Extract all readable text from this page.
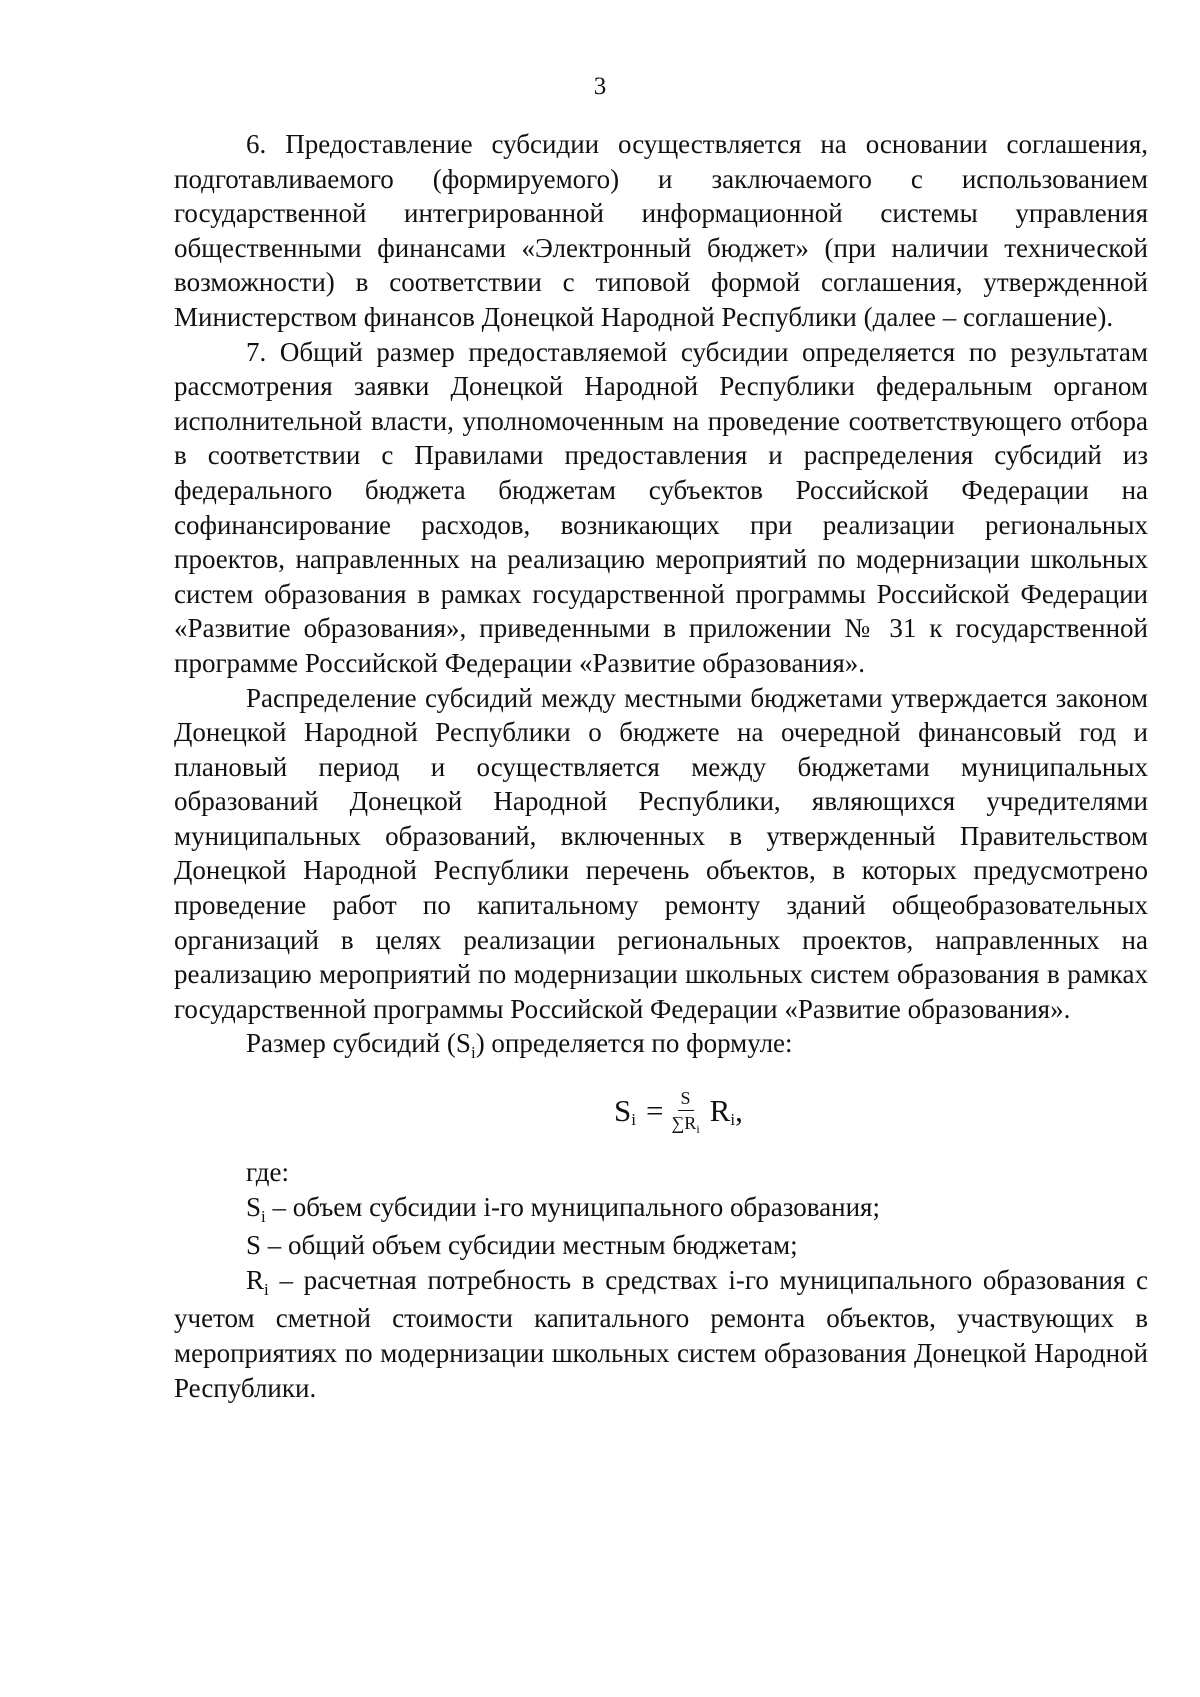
3

6. Предоставление субсидии осуществляется на основании соглашения, подготавливаемого (формируемого) и заключаемого с использованием государственной интегрированной информационной системы управления общественными финансами «Электронный бюджет» (при наличии технической возможности) в соответствии с типовой формой соглашения, утвержденной Министерством финансов Донецкой Народной Республики (далее – соглашение).

7. Общий размер предоставляемой субсидии определяется по результатам рассмотрения заявки Донецкой Народной Республики федеральным органом исполнительной власти, уполномоченным на проведение соответствующего отбора в соответствии с Правилами предоставления и распределения субсидий из федерального бюджета бюджетам субъектов Российской Федерации на софинансирование расходов, возникающих при реализации региональных проектов, направленных на реализацию мероприятий по модернизации школьных систем образования в рамках государственной программы Российской Федерации «Развитие образования», приведенными в приложении № 31 к государственной программе Российской Федерации «Развитие образования».

Распределение субсидий между местными бюджетами утверждается законом Донецкой Народной Республики о бюджете на очередной финансовый год и плановый период и осуществляется между бюджетами муниципальных образований Донецкой Народной Республики, являющихся учредителями муниципальных образований, включенных в утвержденный Правительством Донецкой Народной Республики перечень объектов, в которых предусмотрено проведение работ по капитальному ремонту зданий общеобразовательных организаций в целях реализации региональных проектов, направленных на реализацию мероприятий по модернизации школьных систем образования в рамках государственной программы Российской Федерации «Развитие образования».

Размер субсидий $(S_i)$ определяется по формуле:

S $i = \frac{S}{\sum R_i}$ R i ,

где:

$S_i$ – объем субсидии i-го муниципального образования;

S – общий объем субсидии местным бюджетам;

$R_i$ – расчетная потребность в средствах i-го муниципального образования с учетом сметной стоимости капитального ремонта объектов, участвующих в мероприятиях по модернизации школьных систем образования Донецкой Народной Республики.
